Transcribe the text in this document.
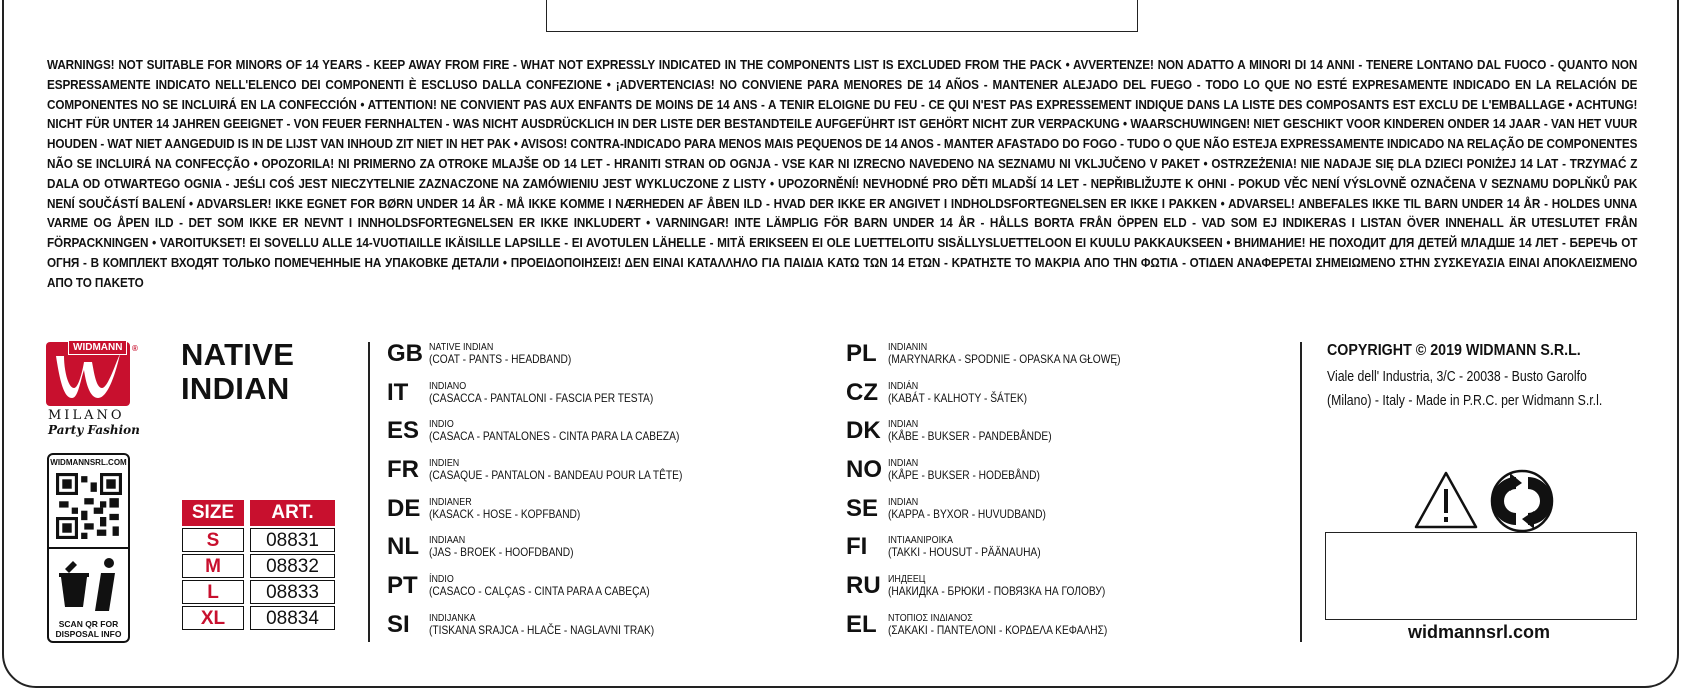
WARNINGS! NOT SUITABLE FOR MINORS OF 14 YEARS - KEEP AWAY FROM FIRE - WHAT NOT EXPRESSLY INDICATED IN THE COMPONENTS LIST IS EXCLUDED FROM THE PACK • AVVERTENZE! NON ADATTO A MINORI DI 14 ANNI - TENERE LONTANO DAL FUOCO - QUANTO NON ESPRESSAMENTE INDICATO NELL'ELENCO DEI COMPONENTI È ESCLUSO DALLA CONFEZIONE • ¡ADVERTENCIAS! NO CONVIENE PARA MENORES DE 14 AÑOS - MANTENER ALEJADO DEL FUEGO - TODO LO QUE NO ESTÉ EXPRESAMENTE INDICADO EN LA RELACIÓN DE COMPONENTES NO SE INCLUIRÁ EN LA CONFECCIÓN • ATTENTION! NE CONVIENT PAS AUX ENFANTS DE MOINS DE 14 ANS - A TENIR ELOIGNE DU FEU - CE QUI N'EST PAS EXPRESSEMENT INDIQUE DANS LA LISTE DES COMPOSANTS EST EXCLU DE L'EMBALLAGE • ACHTUNG! NICHT FÜR UNTER 14 JAHREN GEEIGNET - VON FEUER FERNHALTEN - WAS NICHT AUSDRÜCKLICH IN DER LISTE DER BESTANDTEILE AUFGEFÜHRT IST GEHÖRT NICHT ZUR VERPACKUNG • WAARSCHUWINGEN! NIET GESCHIKT VOOR KINDEREN ONDER 14 JAAR - VAN HET VUUR HOUDEN - WAT NIET AANGEDUID IS IN DE LIJST VAN INHOUD ZIT NIET IN HET PAK • AVISOS! CONTRA-INDICADO PARA MENOS MAIS PEQUENOS DE 14 ANOS - MANTER AFASTADO DO FOGO - TUDO O QUE NÃO ESTEJA EXPRESSAMENTE INDICADO NA RELAÇÃO DE COMPONENTES NÃO SE INCLUIRÁ NA CONFECÇÃO • OPOZORILA! NI PRIMERNO ZA OTROKE MLAJŠE OD 14 LET - HRANITI STRAN OD OGNJA - VSE KAR NI IZRECNO NAVEDENO NA SEZNAMU NI VKLJUČENO V PAKET • OSTRZEŻENIA! NIE NADAJE SIĘ DLA DZIECI PONIŻEJ 14 LAT - TRZYMAĆ Z DALA OD OTWARTEGO OGNIA - JEŚLI COŚ JEST NIECZYTELNIE ZAZNACZONE NA ZAMÓWIENIU JEST WYKLUCZONE Z LISTY • UPOZORNĚNÍ! NEVHODNÉ PRO DĚTI MLADŠÍ 14 LET - NEPŘIBLIŽUJTE K OHNI - POKUD VĚC NENÍ VÝSLOVNĚ OZNAČENA V SEZNAMU DOPLŇKŮ PAK NENÍ SOUČÁSTÍ BALENÍ • ADVARSLER! IKKE EGNET FOR BØRN UNDER 14 ÅR - MÅ IKKE KOMME I NÆRHEDEN AF ÅBEN ILD - HVAD DER IKKE ER ANGIVET I INDHOLDSFORTEGNELSEN ER IKKE I PAKKEN • ADVARSEL! ANBEFALES IKKE TIL BARN UNDER 14 ÅR - HOLDES UNNA VARME OG ÅPEN ILD - DET SOM IKKE ER NEVNT I INNHOLDSFORTEGNELSEN ER IKKE INKLUDERT • VARNINGAR! INTE LÄMPLIG FÖR BARN UNDER 14 ÅR - HÅLLS BORTA FRÅN ÖPPEN ELD - VAD SOM EJ INDIKERAS I LISTAN ÖVER INNEHALL ÄR UTESLUTET FRÅN FÖRPACKNINGEN • VAROITUKSET! EI SOVELLU ALLE 14-VUOTIAILLE IKÄISILLE LAPSILLE - EI AVOTULEN LÄHELLE - MITÄ ERIKSEEN EI OLE LUETTELOITU SISÄLLYSLUETTELOON EI KUULU PAKKAUKSEEN • ВНИМАНИЕ! НЕ ПОХОДИТ ДЛЯ ДЕТЕЙ МЛАДШЕ 14 ЛЕТ - БЕРЕЧЬ ОТ ОГНЯ - В КОМПЛЕКТ ВХОДЯТ ТОЛЬКО ПОМЕЧЕННЫЕ НА УПАКОВКЕ ДЕТАЛИ • ΠΡΟΕΙΔΟΠΟΙΗΣΕΙΣ! ΔΕΝ ΕΙΝΑΙ ΚΑΤΑΛΛΗΛΟ ΓΙΑ ΠΑΙΔΙΑ ΚΑΤΩ ΤΩΝ 14 ΕΤΩΝ - ΚΡΑΤΗΣΤΕ ΤΟ ΜΑΚΡΙΑ ΑΠΟ ΤΗΝ ΦΩΤΙΑ - ΟΤΙΔΕΝ ΑΝΑΦΕΡΕΤΑΙ ΣΗΜΕΙΩΜΕΝΟ ΣΤΗΝ ΣΥΣΚΕΥΑΣΙΑ ΕΙΝΑΙ ΑΠΟΚΛΕΙΣΜΕΝΟ ΑΠΟ ΤΟ ΠΑΚΕΤΟ
WIDMANN	®
MILANO
Party Fashion
WIDMANNSRL.COM
SCAN QR FOR
DISPOSAL INFO
NATIVE
INDIAN
SIZE	ART.
S	08831
M	08832
L	08833
XL	08834
GB NATIVE INDIAN
(COAT - PANTS - HEADBAND)
IT	INDIANO
(CASACCA - PANTALONI - FASCIA PER TESTA)
ES INDIO
(CASACA - PANTALONES - CINTA PARA LA CABEZA)
FR INDIEN
(CASAQUE - PANTALON - BANDEAU POUR LA TÊTE)
DE INDIANER
(KASACK - HOSE - KOPFBAND)
NL INDIAAN
(JAS - BROEK - HOOFDBAND)
PT	ÍNDIO
(CASACO - CALÇAS - CINTA PARA A CABEÇA)
SI	INDIJANKA
(TISKANA SRAJCA - HLAČE - NAGLAVNI TRAK)
PL	INDIANIN
(MARYNARKA - SPODNIE - OPASKA NA GŁOWĘ)
CZ INDIÁN
(KABÁT - KALHOTY - ŠÁTEK)
DK INDIAN
(KÅBE - BUKSER - PANDEBÅNDE)
NO INDIAN
(KÅPE - BUKSER - HODEBÅND)
SE INDIAN
(KAPPA - BYXOR - HUVUDBAND)
FI	INTIAANIPOIKA
(TAKKI - HOUSUT - PÄÄNAUHA)
RU ИНДЕЕЦ
(НАКИДКА - БРЮКИ - ПОВЯЗКА НА ГОЛОВУ)
EL	ΝΤΟΠΙΟΣ ΙΝΔΙΑΝΟΣ
(ΣΑΚΑΚΙ - ΠΑΝΤΕΛΟΝΙ - ΚΟΡΔΕΛΑ ΚΕΦΑΛΗΣ)
COPYRIGHT © 2019 WIDMANN S.R.L.
Viale dell' Industria, 3/C - 20038 - Busto Garolfo
(Milano) - Italy - Made in P.R.C. per Widmann S.r.l.
widmannsrl.com
